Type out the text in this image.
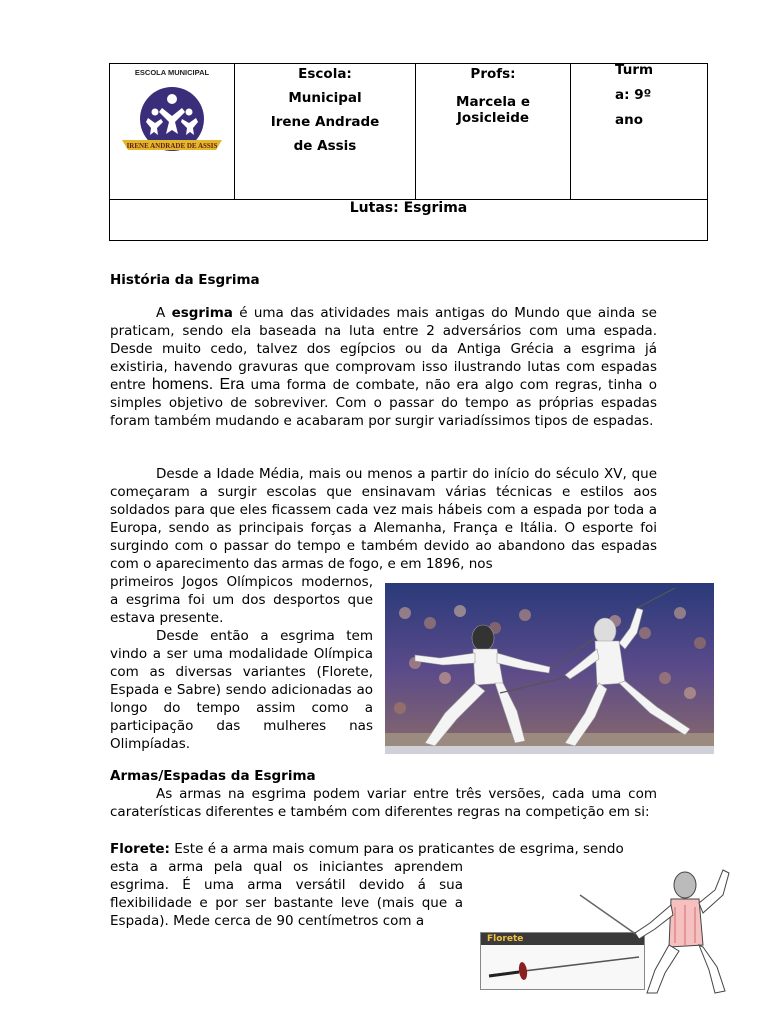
ESCOLA MUNICIPAL
IRENE ANDRADE DE ASSIS

Escola:
Municipal
Irene Andrade
de Assis

Profs:
Marcela e
Josicleide

Turm
a: 9º
ano

Lutas: Esgrima
História da Esgrima
A esgrima é uma das atividades mais antigas do Mundo que ainda se praticam, sendo ela baseada na luta entre 2 adversários com uma espada. Desde muito cedo, talvez dos egípcios ou da Antiga Grécia a esgrima já existiria, havendo gravuras que comprovam isso ilustrando lutas com espadas entre homens. Era uma forma de combate, não era algo com regras, tinha o simples objetivo de sobreviver. Com o passar do tempo as próprias espadas foram também mudando e acabaram por surgir variadíssimos tipos de espadas.
Desde a Idade Média, mais ou menos a partir do início do século XV, que começaram a surgir escolas que ensinavam várias técnicas e estilos aos soldados para que eles ficassem cada vez mais hábeis com a espada por toda a Europa, sendo as principais forças a Alemanha, França e Itália. O esporte foi surgindo com o passar do tempo e também devido ao abandono das espadas com o aparecimento das armas de fogo, e em 1896, nos
primeiros Jogos Olímpicos modernos, a esgrima foi um dos desportos que estava presente.
Desde então a esgrima tem vindo a ser uma modalidade Olímpica com as diversas variantes (Florete, Espada e Sabre) sendo adicionadas ao longo do tempo assim como a participação das mulheres nas Olimpíadas.
Armas/Espadas da Esgrima
As armas na esgrima podem variar entre três versões, cada uma com caraterísticas diferentes e também com diferentes regras na competição em si:
Florete: Este é a arma mais comum para os praticantes de esgrima, sendo
esta a arma pela qual os iniciantes aprendem esgrima. É uma arma versátil devido á sua flexibilidade e por ser bastante leve (mais que a Espada). Mede cerca de 90 centímetros com a
Florete
